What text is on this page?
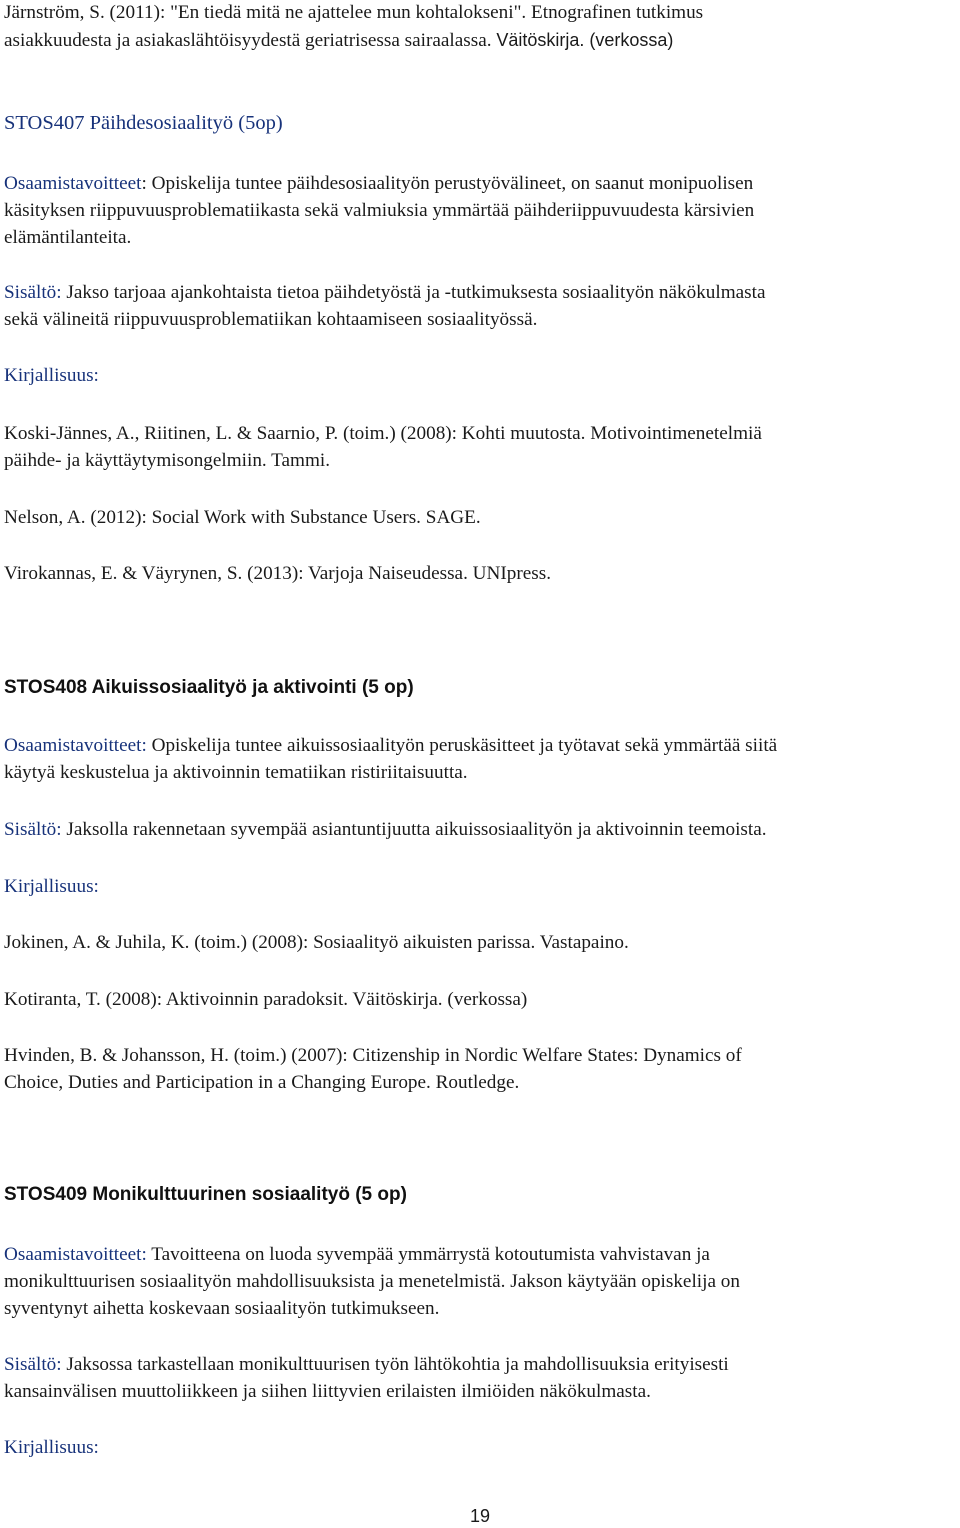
Järnström, S. (2011): "En tiedä mitä ne ajattelee mun kohtalokseni". Etnografinen tutkimus

asiakkuudesta ja asiakaslähtöisyydestä geriatrisessa sairaalassa. Väitöskirja. (verkossa)

STOS407 Päihdesosiaalityö (5op)

Osaamistavoitteet: Opiskelija tuntee päihdesosiaalityön perustyövälineet, on saanut monipuolisen

käsityksen riippuvuusproblematiikasta sekä valmiuksia ymmärtää päihderiippuvuudesta kärsivien

elämäntilanteita.

Sisältö: Jakso tarjoaa ajankohtaista tietoa päihdetyöstä ja -tutkimuksesta sosiaalityön näkökulmasta

sekä välineitä riippuvuusproblematiikan kohtaamiseen sosiaalityössä.

Kirjallisuus:

Koski-Jännes, A., Riitinen, L. & Saarnio, P. (toim.) (2008): Kohti muutosta. Motivointimenetelmiä

päihde- ja käyttäytymisongelmiin. Tammi.

Nelson, A. (2012): Social Work with Substance Users. SAGE.

Virokannas, E. & Väyrynen, S. (2013): Varjoja Naiseudessa. UNIpress.

STOS408 Aikuissosiaalityö ja aktivointi (5 op)

Osaamistavoitteet: Opiskelija tuntee aikuissosiaalityön peruskäsitteet ja työtavat sekä ymmärtää siitä

käytyä keskustelua ja aktivoinnin tematiikan ristiriitaisuutta.

Sisältö: Jaksolla rakennetaan syvempää asiantuntijuutta aikuissosiaalityön ja aktivoinnin teemoista.

Kirjallisuus:

Jokinen, A. & Juhila, K. (toim.) (2008): Sosiaalityö aikuisten parissa. Vastapaino.

Kotiranta, T. (2008): Aktivoinnin paradoksit. Väitöskirja. (verkossa)

Hvinden, B. & Johansson, H. (toim.) (2007): Citizenship in Nordic Welfare States: Dynamics of

Choice, Duties and Participation in a Changing Europe. Routledge.

STOS409 Monikulttuurinen sosiaalityö (5 op)

Osaamistavoitteet: Tavoitteena on luoda syvempää ymmärrystä kotoutumista vahvistavan ja

monikulttuurisen sosiaalityön mahdollisuuksista ja menetelmistä. Jakson käytyään opiskelija on

syventynyt aihetta koskevaan sosiaalityön tutkimukseen.

Sisältö: Jaksossa tarkastellaan monikulttuurisen työn lähtökohtia ja mahdollisuuksia erityisesti

kansainvälisen muuttoliikkeen ja siihen liittyvien erilaisten ilmiöiden näkökulmasta.

Kirjallisuus:

19
